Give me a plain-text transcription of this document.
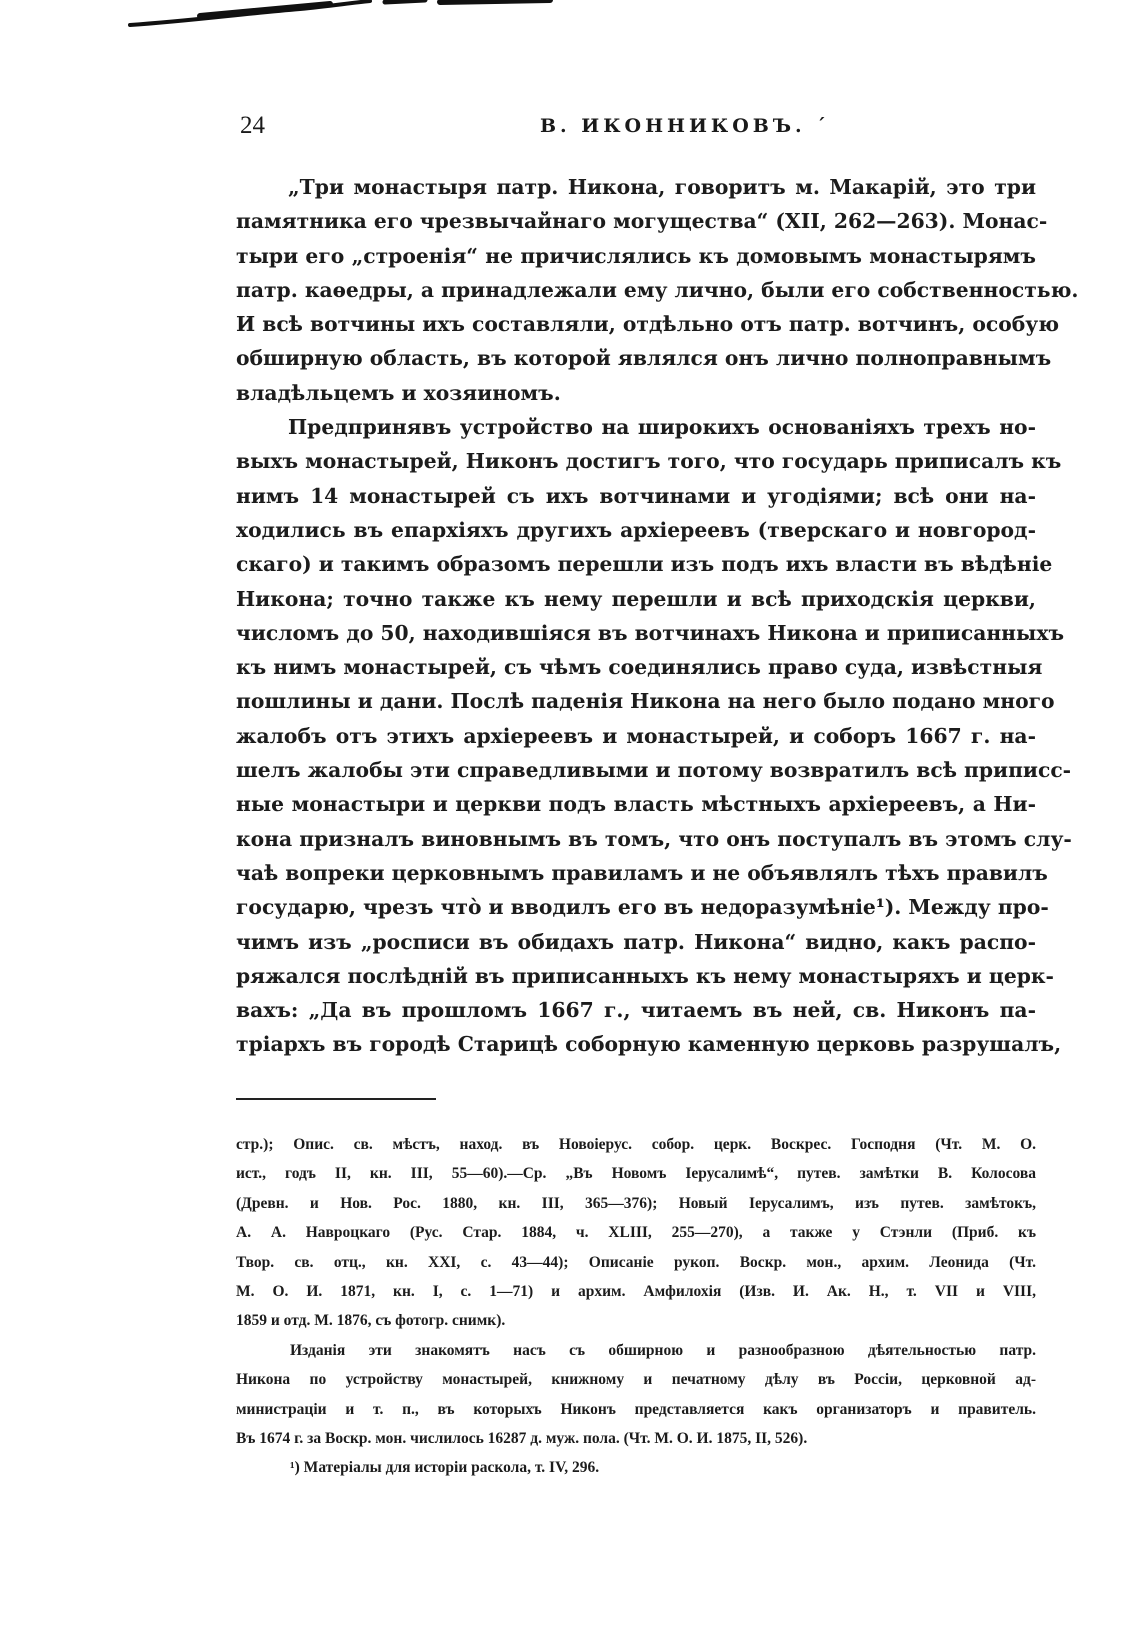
24	В. ИКОННИКОВЪ. ´
„Три монастыря патр. Никона, говоритъ м. Макарій, это три
памятника его чрезвычайнаго могущества“ (XII, 262—263). Монас-
тыри его „строенія“ не причислялись къ домовымъ монастырямъ
патр. каѳедры, а принадлежали ему лично, были его собственностью.
И всѣ вотчины ихъ составляли, отдѣльно отъ патр. вотчинъ, особую
обширную область, въ которой являлся онъ лично полноправнымъ
владѣльцемъ и хозяиномъ.
Предпринявъ устройство на широкихъ основаніяхъ трехъ но-
выхъ монастырей, Никонъ достигъ того, что государь приписалъ къ
нимъ 14 монастырей съ ихъ вотчинами и угодіями; всѣ они на-
ходились въ епархіяхъ другихъ архіереевъ (тверскаго и новгород-
скаго) и такимъ образомъ перешли изъ подъ ихъ власти въ вѣдѣніе
Никона; точно также къ нему перешли и всѣ приходскія церкви,
числомъ до 50, находившіяся въ вотчинахъ Никона и приписанныхъ
къ нимъ монастырей, съ чѣмъ соединялись право суда, извѣстныя
пошлины и дани. Послѣ паденія Никона на него было подано много
жалобъ отъ этихъ архіереевъ и монастырей, и соборъ 1667 г. на-
шелъ жалобы эти справедливыми и потому возвратилъ всѣ приписс-
ные монастыри и церкви подъ власть мѣстныхъ архіереевъ, а Ни-
кона призналъ виновнымъ въ томъ, что онъ поступалъ въ этомъ слу-
чаѣ вопреки церковнымъ правиламъ и не объявлялъ тѣхъ правилъ
государю, чрезъ что̀ и вводилъ его въ недоразумѣніе¹). Между про-
чимъ изъ „росписи въ обидахъ патр. Никона“ видно, какъ распо-
ряжался послѣдній въ приписанныхъ къ нему монастыряхъ и церк-
вахъ: „Да въ прошломъ 1667 г., читаемъ въ ней, св. Никонъ па-
тріархъ въ городѣ Старицѣ соборную каменную церковь разрушалъ,
стр.); Опис. св. мѣстъ, наход. въ Новоіерус. собор. церк. Воскрес. Господня (Чт. М. О.
ист., годъ II, кн. III, 55—60).—Ср. „Въ Новомъ Іерусалимѣ“, путев. замѣтки В. Колосова
(Древн. и Нов. Рос. 1880, кн. III, 365—376); Новый Іерусалимъ, изъ путев. замѣтокъ,
А. А. Навроцкаго (Рус. Стар. 1884, ч. XLIII, 255—270), а также у Стэнли (Приб. къ
Твор. св. отц., кн. XXI, с. 43—44); Описаніе рукоп. Воскр. мон., архим. Леонида (Чт.
М. О. И. 1871, кн. I, с. 1—71) и архим. Амфилохія (Изв. И. Ак. Н., т. VII и VIII,
1859 и отд. М. 1876, съ фотогр. снимк).
Изданія эти знакомятъ насъ съ обширною и разнообразною дѣятельностью патр.
Никона по устройству монастырей, книжному и печатному дѣлу въ Россіи, церковной ад-
министраціи и т. п., въ которыхъ Никонъ представляется какъ организаторъ и правитель.
Въ 1674 г. за Воскр. мон. числилось 16287 д. муж. пола. (Чт. М. О. И. 1875, II, 526).
¹) Матеріалы для исторіи раскола, т. IV, 296.
